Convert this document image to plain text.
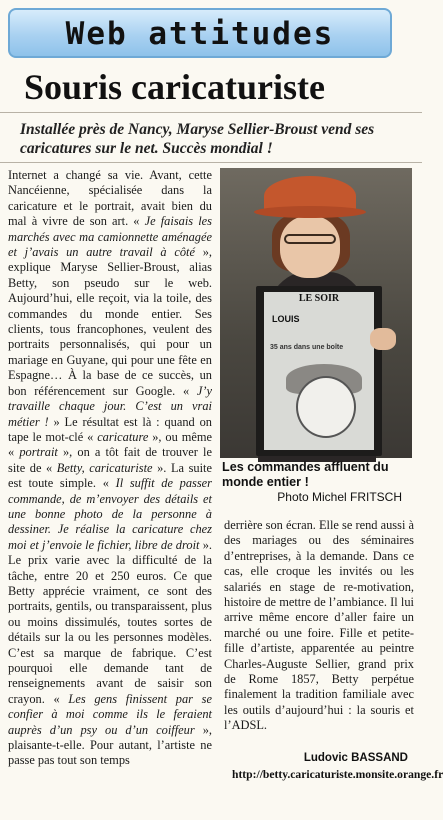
Web attitudes
Souris caricaturiste
Installée près de Nancy, Maryse Sellier-Broust vend ses caricatures sur le net. Succès mondial !
Internet a changé sa vie. Avant, cette Nancéienne, spécialisée dans la caricature et le portrait, avait bien du mal à vivre de son art. « Je faisais les marchés avec ma camionnette aménagée et j’avais un autre travail à côté », explique Maryse Sellier-Broust, alias Betty, son pseudo sur le web. Aujourd’hui, elle reçoit, via la toile, des commandes du monde entier. Ses clients, tous francophones, veulent des portraits personnalisés, qui pour un mariage en Guyane, qui pour une fête en Espagne… À la base de ce succès, un bon référencement sur Google. « J’y travaille chaque jour. C’est un vrai métier ! » Le résultat est là : quand on tape le mot-clé « caricature », ou même « portrait », on a tôt fait de trouver le site de « Betty, caricaturiste ». La suite est toute simple. « Il suffit de passer commande, de m’envoyer des détails et une bonne photo de la personne à dessiner. Je réalise la caricature chez moi et j’envoie le fichier, libre de droit ». Le prix varie avec la difficulté de la tâche, entre 20 et 250 euros. Ce que Betty apprécie vraiment, ce sont des portraits, gentils, ou transparaissent, plus ou moins dissimulés, toutes sortes de détails sur la ou les personnes modèles. C’est sa marque de fabrique. C’est pourquoi elle demande tant de renseignements avant de saisir son crayon. « Les gens finissent par se confier à moi comme ils le feraient auprès d’un psy ou d’un coiffeur », plaisante-t-elle. Pour autant, l’artiste ne passe pas tout son temps
LE SOIR
LOUIS
35 ans dans une boîte
Les commandes affluent du monde entier !
Photo Michel FRITSCH
derrière son écran. Elle se rend aussi à des mariages ou des séminaires d’entreprises, à la demande. Dans ce cas, elle croque les invités ou les salariés en stage de re-motivation, histoire de mettre de l’ambiance. Il lui arrive même encore d’aller faire un marché ou une foire. Fille et petite-fille d’artiste, apparentée au peintre Charles-Auguste Sellier, grand prix de Rome 1857, Betty perpétue finalement la tradition familiale avec les outils d’aujourd’hui : la souris et l’ADSL.
Ludovic BASSAND
http://betty.caricaturiste.monsite.orange.fr
